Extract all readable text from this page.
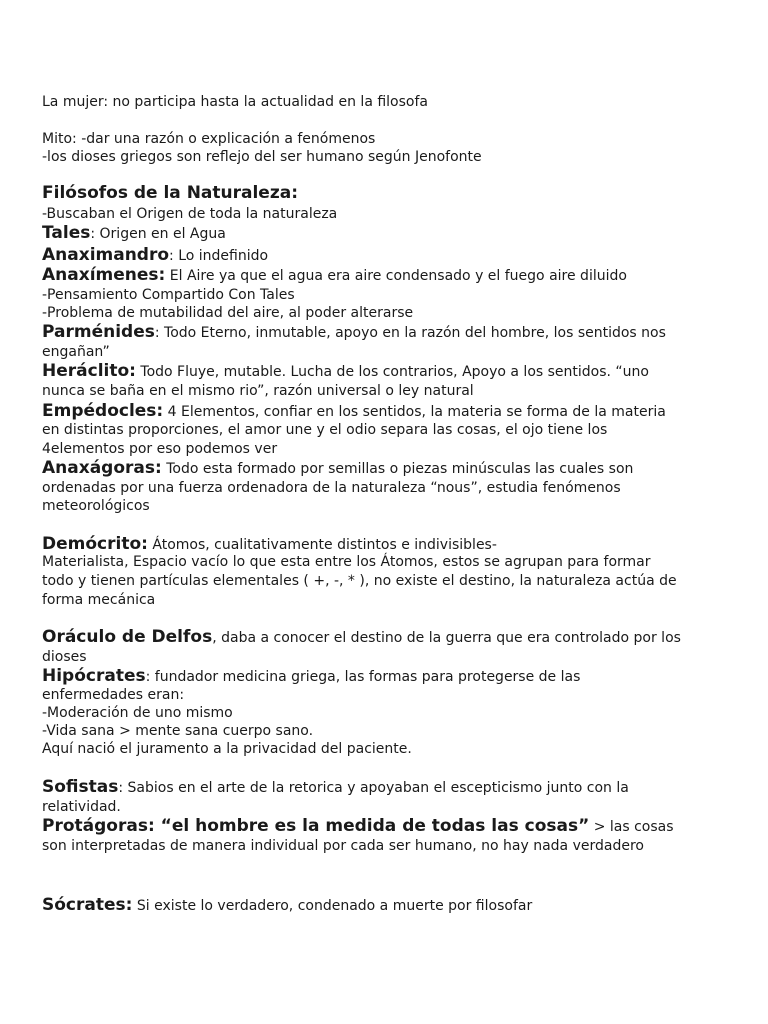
La mujer: no participa hasta la actualidad en la filosofa
Mito: -dar una razón o explicación a fenómenos
-los dioses griegos son reflejo del ser humano según Jenofonte
Filósofos de la Naturaleza:
-Buscaban el Origen de toda la naturaleza
Tales: Origen en el Agua
Anaximandro: Lo indefinido
Anaxímenes: El Aire ya que el agua era aire condensado y el fuego aire diluido
-Pensamiento Compartido Con Tales
-Problema de mutabilidad del aire, al poder alterarse
Parménides: Todo Eterno, inmutable, apoyo en la razón del hombre, los sentidos nos
engañan”
Heráclito: Todo Fluye, mutable. Lucha de los contrarios, Apoyo a los sentidos. “uno
nunca se baña en el mismo rio”, razón universal o ley natural
Empédocles: 4 Elementos, confiar en los sentidos, la materia se forma de la materia
en distintas proporciones, el amor une y el odio separa las cosas, el ojo tiene los
4elementos por eso podemos ver
Anaxágoras: Todo esta formado por semillas o piezas minúsculas las cuales son
ordenadas por una fuerza ordenadora de la naturaleza “nous”, estudia fenómenos
meteorológicos
Demócrito: Átomos, cualitativamente distintos e indivisibles-
Materialista, Espacio vacío lo que esta entre los Átomos, estos se agrupan para formar
todo y tienen partículas elementales ( +, -, * ), no existe el destino, la naturaleza actúa de
forma mecánica
Oráculo de Delfos, daba a conocer el destino de la guerra que era controlado por los
dioses
Hipócrates: fundador medicina griega, las formas para protegerse de las
enfermedades eran:
-Moderación de uno mismo
-Vida sana > mente sana cuerpo sano.
Aquí nació el juramento a la privacidad del paciente.
Sofistas: Sabios en el arte de la retorica y apoyaban el escepticismo junto con la
relatividad.
Protágoras: “el hombre es la medida de todas las cosas” > las cosas
son interpretadas de manera individual por cada ser humano, no hay nada verdadero
Sócrates: Si existe lo verdadero, condenado a muerte por filosofar
